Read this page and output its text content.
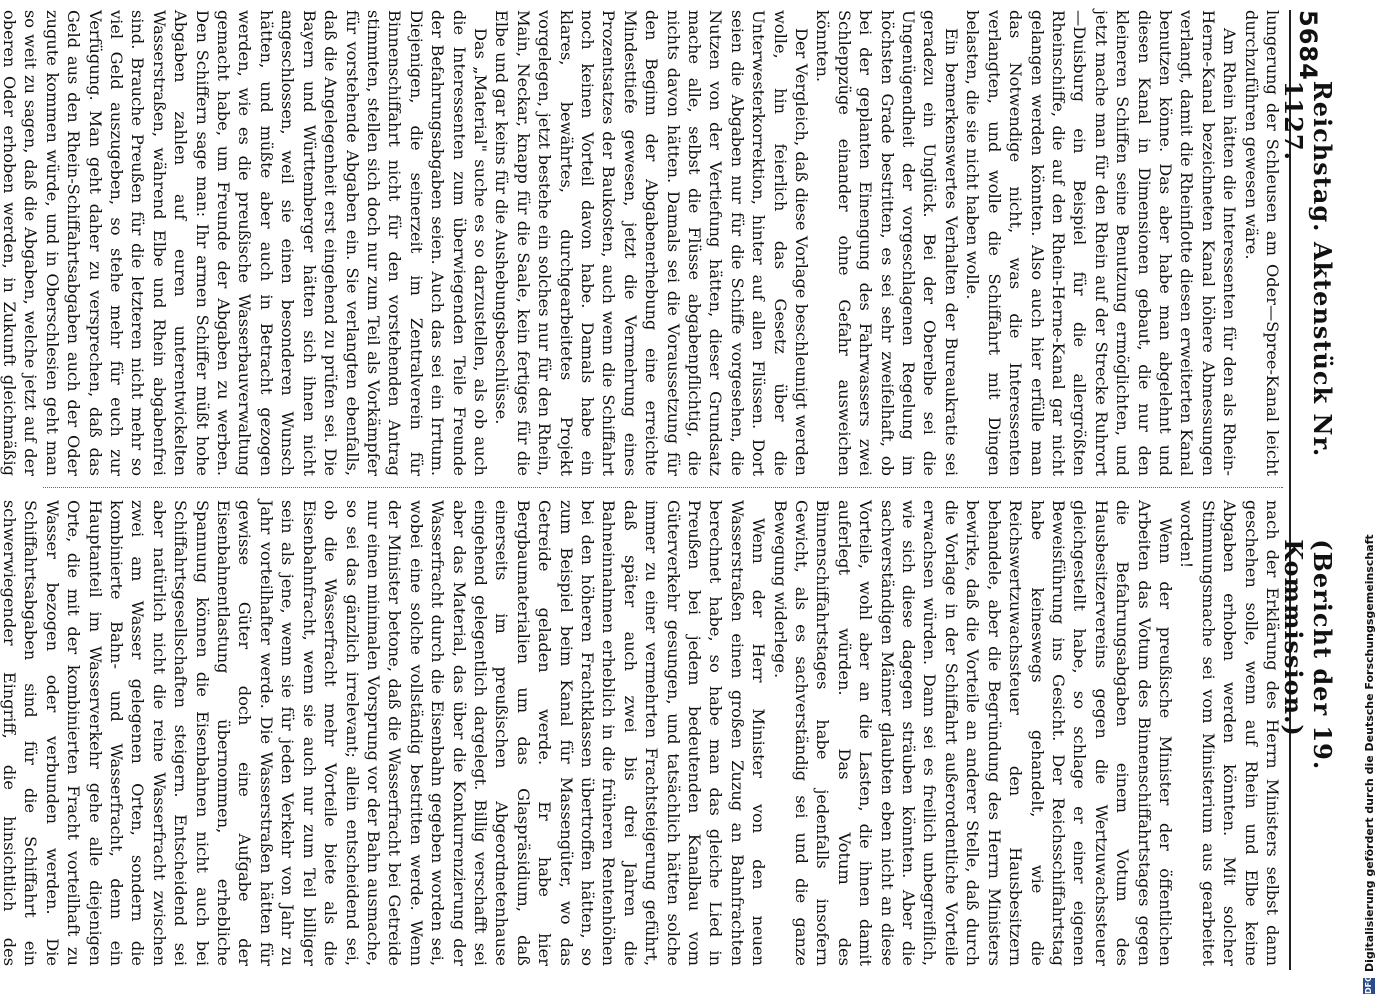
5684
Reichstag. Aktenstück Nr. 1127.
(Bericht der 19. Kommission.)

lungerung der Schleusen am Oder—Spree-Kanal leicht durchzuführen gewesen wäre.

Am Rhein hätten die Interessenten für den als Rhein-Herne-Kanal bezeichneten Kanal höhere Abmessungen verlangt, damit die Rheinflotte diesen erweiterten Kanal benutzen könne. Das aber habe man abgelehnt und diesen Kanal in Dimensionen gebaut, die nur den kleineren Schiffen seine Benutzung ermöglichten, und jetzt mache man für den Rhein auf der Strecke Ruhrort—Duisburg ein Beispiel für die allergrößten Rheinschiffe, die auf den Rhein-Herne-Kanal gar nicht gelangen werden könnten. Also auch hier erfülle man das Notwendige nicht, was die Interessenten verlangten, und wolle die Schiffahrt mit Dingen belasten, die sie nicht haben wolle.

Ein bemerkenswertes Verhalten der Bureaukratie sei geradezu ein Unglück. Bei der Oberelbe sei die Ungenügendheit der vorgeschlagenen Regelung im höchsten Grade bestritten, es sei sehr zweifelhaft, ob bei der geplanten Einengung des Fahrwassers zwei Schleppzüge einander ohne Gefahr ausweichen könnten.

Der Vergleich, daß diese Vorlage beschleunigt werden wolle, hin feierlich das Gesetz über die Unterwesterkorrektion, hinter auf allen Flüssen. Dort seien die Abgaben nur für die Schiffe vorgesehen, die Nutzen von der Vertiefung hätten, dieser Grundsatz mache alle, selbst die Flüsse abgabenpflichtig, die nichts davon hätten. Damals sei die Voraussetzung für den Beginn der Abgabenerhebung eine erreichte Mindesttiefe gewesen, jetzt die Vermehrung eines Prozentsatzes der Baukosten, auch wenn die Schiffahrt noch keinen Vorteil davon habe. Damals habe ein klares, bewährtes, durchgearbeitetes Projekt vorgelegen, jetzt bestehe ein solches nur für den Rhein, Main, Neckar, knapp für die Saale, kein fertiges für die Elbe und gar keins für die Aushebungsbeschlüsse.

Das „Material" suche es so darzustellen, als ob auch die Interessenten zum überwiegenden Teile Freunde der Befahrungsabgaben seien. Auch das sei ein Irrtum. Diejenigen, die seinerzeit im Zentralverein für Binnenschiffahrt nicht für den vorstehenden Antrag stimmten, stellen sich doch nur zum Teil als Vorkämpfer für vorstehende Abgaben ein. Sie verlangten ebenfalls, daß die Angelegenheit erst eingehend zu prüfen sei. Die Bayern und Württemberger hätten sich ihnen nicht angeschlossen, weil sie einen besonderen Wunsch hätten, und müßte aber auch in Betracht gezogen werden, wie es die preußische Wasserbauverwaltung gemacht habe, um Freunde der Abgaben zu werben. Den Schiffern sage man: Ihr armen Schiffer müßt hohe Abgaben zahlen auf euren unterentwickelten Wasserstraßen, während Elbe und Rhein abgabenfrei sind. Brauche Preußen für die letzteren nicht mehr so viel Geld auszugeben, so stehe mehr für euch zur Verfügung. Man geht daher zu versprechen, daß das Geld aus den Rhein-Schiffahrtsabgaben auch der Oder zugute kommen würde, und in Oberschlesien geht man so weit zu sagen, daß die Abgaben, welche jetzt auf der oberen Oder erhoben werden, in Zukunft gleichmäßig

nach der Erklärung des Herrn Ministers selbst dann geschehen solle, wenn auf Rhein und Elbe keine Abgaben erhoben werden könnten. Mit solcher Stimmungsmache sei vom Ministerium aus gearbeitet worden!

Wenn der preußische Minister der öffentlichen Arbeiten das Votum des Binnenschiffahrtstages gegen die Befahrungsabgaben einem Votum des Hausbesitzervereins gegen die Wertzuwachssteuer gleichgestellt habe, so schlage er einer eigenen Beweisführung ins Gesicht. Der Reichsschiffahrtstag habe keineswegs gehandelt, wie die Reichswertzuwachssteuer den Hausbesitzern behandele, aber die Begründung des Herrn Ministers bewirke, daß die Vorteile an anderer Stelle, daß durch die Vorlage in der Schiffahrt außerordentliche Vorteile erwachsen würden. Dann sei es freilich unbegreiflich, wie sich diese dagegen sträuben könnten. Aber die sachverständigen Männer glaubten eben nicht an diese Vorteile, wohl aber an die Lasten, die ihnen damit auferlegt würden. Das Votum des Binnenschiffahrtstages habe jedenfalls insofern Gewicht, als es sachverständig sei und die ganze Bewegung widerlege.

Wenn der Herr Minister von den neuen Wasserstraßen einen großen Zuzug an Bahnfrachten berechnet habe, so habe man das gleiche Lied in Preußen bei jedem bedeutenden Kanalbau vom Güterverkehr gesungen, und tatsächlich hätten solche immer zu einer vermehrten Frachtsteigerung geführt, daß später auch zwei bis drei Jahren die Bahneinnahmen erheblich in die früheren Rentenhöhen bei den höheren Frachtklassen übertroffen hätten, so zum Beispiel beim Kanal für Massengüter, wo das Getreide geladen werde. Er habe hier Bergbaumaterialien um das Glaspräsidium, daß einerseits im preußischen Abgeordnetenhause eingehend gelegentlich dargelegt. Billig verschafft sei aber das Material, das über die Konkurrenzierung der Wasserfracht durch die Eisenbahn gegeben worden sei, wobei eine solche vollständig bestritten werde. Wenn der Minister betone, daß die Wasserfracht bei Getreide nur einen minimalen Vorsprung vor der Bahn ausmache, so sei das gänzlich irrelevant; allein entscheidend sei, ob die Wasserfracht mehr Vorteile biete als die Eisenbahnfracht, wenn sie auch nur zum Teil billiger sein als jene, wenn sie für jeden Verkehr von Jahr zu Jahr vorteilhafter werde. Die Wasserstraßen hätten für gewisse Güter doch eine Aufgabe der Eisenbahnentlastung übernommen, erhebliche Spannung können die Eisenbahnen nicht auch bei Schiffahrtsgesellschaften steigern. Entscheidend sei aber natürlich nicht die reine Wasserfracht zwischen zwei am Wasser gelegenen Orten, sondern die kombinierte Bahn- und Wasserfracht, denn ein Hauptanteil im Wasserverkehr gehe alle diejenigen Orte, die mit der kombinierten Fracht vorteilhaft zu Wasser bezogen oder verbunden werden. Die Schiffahrtsabgaben sind für die Schiffahrt ein schwerwiegender Eingriff, die hinsichtlich des

DFG
Digitalisierung gefördert durch die Deutsche Forschungsgemeinschaft
